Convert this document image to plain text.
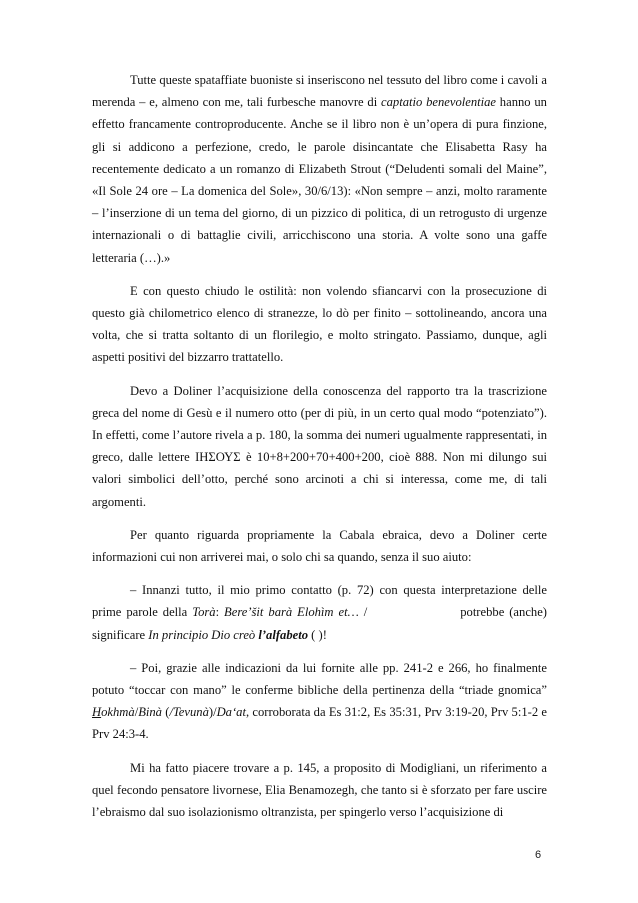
Tutte queste spataffiate buoniste si inseriscono nel tessuto del libro come i cavoli a merenda – e, almeno con me, tali furbesche manovre di captatio benevolentiae hanno un effetto francamente controproducente. Anche se il libro non è un’opera di pura finzione, gli si addicono a perfezione, credo, le parole disincantate che Elisabetta Rasy ha recentemente dedicato a un romanzo di Elizabeth Strout (“Deludenti somali del Maine”, «Il Sole 24 ore – La domenica del Sole», 30/6/13): «Non sempre – anzi, molto raramente – l’inserzione di un tema del giorno, di un pizzico di politica, di un retrogusto di urgenze internazionali o di battaglie civili, arricchiscono una storia. A volte sono una gaffe letteraria (…).»

E con questo chiudo le ostilità: non volendo sfiancarvi con la prosecuzione di questo già chilometrico elenco di stranezze, lo dò per finito – sottolineando, ancora una volta, che si tratta soltanto di un florilegio, e molto stringato. Passiamo, dunque, agli aspetti positivi del bizzarro trattatello.

Devo a Doliner l’acquisizione della conoscenza del rapporto tra la trascrizione greca del nome di Gesù e il numero otto (per di più, in un certo qual modo “potenziato”). In effetti, come l’autore rivela a p. 180, la somma dei numeri ugualmente rappresentati, in greco, dalle lettere ΙΗΣΟΥΣ è 10+8+200+70+400+200, cioè 888. Non mi dilungo sui valori simbolici dell’otto, perché sono arcinoti a chi si interessa, come me, di tali argomenti.

Per quanto riguarda propriamente la Cabala ebraica, devo a Doliner certe informazioni cui non arriverei mai, o solo chi sa quando, senza il suo aiuto:

– Innanzi tutto, il mio primo contatto (p. 72) con questa interpretazione delle prime parole della Torà: Bere’šit barà Elohìm et… /	potrebbe (anche) significare In principio Dio creò l’alfabeto ( )!

– Poi, grazie alle indicazioni da lui fornite alle pp. 241-2 e 266, ho finalmente potuto “toccar con mano” le conferme bibliche della pertinenza della “triade gnomica” Hokhmà/Binà (/Tevunà)/Da‘at, corroborata da Es 31:2, Es 35:31, Prv 3:19-20, Prv 5:1-2 e Prv 24:3-4.

Mi ha fatto piacere trovare a p. 145, a proposito di Modigliani, un riferimento a quel fecondo pensatore livornese, Elia Benamozegh, che tanto si è sforzato per fare uscire l’ebraismo dal suo isolazionismo oltranzista, per spingerlo verso l’acquisizione di

6
